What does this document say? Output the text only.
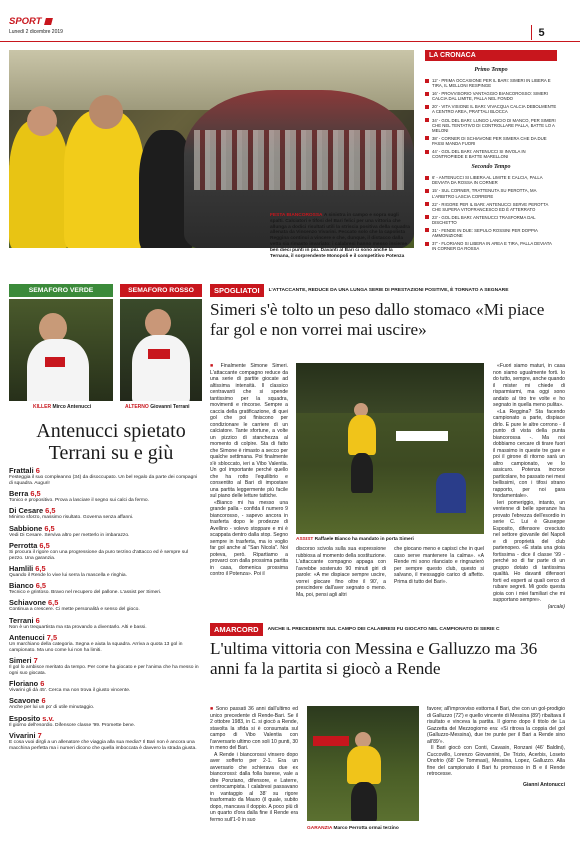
SPORT
Lunedì 2 dicembre 2019	5
FESTA BIANCOROSSA A sinistra in campo e sopra sugli spalti. Calciatori e tifosi del Bari felici per una vittoria che allunga a dodici risultati utili la striscia positiva della squadra allenata da Vincenzo Vivarini. Peccato solo che la capolista Reggina continui a vincere e che, dunque, il distacco dalla vetta sia rimasto invariato: i calabresi hanno messo insieme ben dieci punti in più. Davanti al Bari ci sono anche la Ternana, il sorprendente Monopoli e il competitivo Potenza
LA CRONACA
Primo Tempo
12' - PRIMA OCCASIONE PER IL BARI: SIMERI IN LIBERA E TIRA, IL MELLONI RESPINGE
16' - PROVVISORIO VANTAGGIO BIANCOROSSO: SIMERI CALCIA DAL LIMITE, PALLA NEL FONDO
20' - VITA VISIONE IL BARI: VIVACQUA CALCIA DEBOLMENTE A CENTRO AREA, PRATTALI BLOCCA
34' - GOL DEL BARI: LUNGO LANCIO DI MANCO, PER SIMERI CHE NEL TENTATIVO DI CONTROLLARE PALLA, BATTE LO A MELONI
38' - CORNER DI SCHIAVONE PER SIMERA CHE DA DUE PASSI MANDA FUORI
44' - GOL DEL BARI: ANTENUCCI SI INVOLA IN CONTROPIEDE E BATTE MARELLONI
Secondo Tempo
6' - ANTENUCCI SI LIBERA AL LIMITE E CALCIA, PALLA DEVIATA DA ROSSA IN CORNER
15' - SUL CORNER, TRATTENUTA SU PEROTTA, MA L'ARBITRO LASCIA CORRERE
22' - RIGORE PER IL BARI: ANTENUCCI SERVE PEROTTA CHE SUPERA VITOFRANCESCO ED È ATTERRATO
23' - GOL DEL BARI: ANTENUCCI TRASFORMA DAL DISCHETTO
31' - FENDE IN DUE: SEPULO ROSSINI PER DOPPIA AMMONIZIONE
37' - FLORIANO SI LIBERA IN AREA E TIRA, PALLA DEVIATA IN CORNER DA ROSSA
SEMAFORO VERDE	SEMAFORO ROSSO
KILLER Mirco Antenucci	ALTERNO Giovanni Terrani
Antenucci spietato Terrani su e giù
Frattali 6
Festeggia il suo compleanno (34) da disoccupato. Un bel regalo da parte dei compagni di squadra. Auguri!
Berra 6,5
Tonico e propositivo. Prova a lasciare il segno sui calci da fermo.
Di Cesare 6,5
Minimo sforzo, massimo risultato. Governa senza affanni.
Sabbione 6,5
Vedi Di Cesare. Serviva altro per metterlo in imbarazzo.
Perrotta 6,5
Si procura il rigore con una progressione da puro terzino d'attacco ed è sempre sul pezzo. Una garanzia.
Hamlili 6,5
Quando il Rende lo vive lui serra la mascella e ringhia.
Bianco 6,5
Tecnico e grintoso. Bravo nel recupero del pallone. L'assist per Simeri.
Schiavone 6,5
Continua a crescere. Ci mette personalità e senso del gioco.
Terrani 6
Non è un trequartista ma sta provando a diventarlo. Alti e bassi.
Antenucci 7,5
Un marchiano della categoria. Segna e aiuta la squadra. Arriva a quota 13 gol in campionato. Ma uno come lui non ha limiti.
Simeri 7
Il gol lo ambisce meritato da tempo. Per come ha giocato e per l'anima che ha messo in ogni suo giocata.
Floriano 6
Vivarini gli dà 45'. Cerca ma non trova il giusto vincente.
Scavone 6
Anche per lui un po' di utile minutaggio.
Esposito s.v.
Il giorno dell'esordio. Difensore classe '99. Promette bene.
Vivarini 7
E cosa vuoi dirgli a un allenatore che viaggia alla sua media? Il Bari non è ancora una macchina perfetta ma i numeri dicono che quella imboccata è davvero la strada giusta.
SPOGLIATOI	L'ATTACCANTE, REDUCE DA UNA LUNGA SERIE DI PRESTAZIONI POSITIVE, È TORNATO A SEGNARE
Simeri s'è tolto un peso dallo stomaco «Mi piace far gol e non vorrei mai uscire»

■ Finalmente Simone Simeri. L'attaccante compagno reduce da una serie di partite giocate ad altissima intensità. Il classico centravanti che si spende tantissimo per la squadra, movimenti e rincorse. Sempre a caccia della gratificazione, di quei gol che poi finiscono per condizionare le carriere di un calciatore. Tante sfortune, a volte un pizzico di stanchezza al momento di colpire. Sta di fatto che Simone è rimasto a secco per qualche settimana. Poi finalmente s'è sbloccato, ieri a Vibo Valentia. Un gol importante perché quello che ha rotto l'equilibrio e consentito al Bari di impostare una partita leggermente più facile sul piano delle letture tattiche.

«Bianco mi ha messo una grande palla - confida il numero 9 biancorosso, - sapevo ancora in trasferta dopo le prodezze di Avellino - volevo stoppare e mi è scappata dentro dalla stop. Segno sempre in trasferta, ma io voglio far gol anche al "San Nicola". Noi poteva, però. Ripartiamo a provarci con dalla prossima partita in casa, domenica prossima contro il Potenza». Poi il

ASSIST Raffaele Bianco ha mandato in porta Simeri
discorso scivola sulla sua espressione rubbiosa al momento della sostituzione. L'attaccante compagno appaga con l'avrebbe sostenuto 90 minuti giri di parole: «A me dispiace sempre uscire, vorrei giocare fino oltre il 90', a prescindere dall'aver segnato o meno. Ma, poi, pensi agli altri
che giocano meno e capisci che in quel caso serve mantenere la calma». «A Rende mi sono rilanciato e ringrazierò per sempre questo club, questo si salvano, il messaggio carico di affetto. Prima di tutto del Bari».

«Fuori siamo maturi, in casa non siamo ugualmente forti. Io do tutto, sempre, anche quando il mister mi chiede di risparmiarmi, ma oggi sono andato al tiro tre volte e ho segnato in quella meno pulita».

«La Reggina? Sta facendo campionato a parte, dispiace dirlo. E pure le altre corrono - il punto di vista della punta biancorossa -. Ma noi dobbiamo cercare di tirare fuori il massimo in queste tre gare e poi il girone di ritorno sarà un altro campionato, ve lo assicuro. Potenza incroce particolare, ho passato nei mesi bellissimi, con i tifosi strano rapporto, per noi gara fondamentale».

Ieri pomeriggio, intanto, un ventenne di belle speranze ha provato l'ebrezza dell'esordio in serie C. Lui è Giuseppe Esposito, difensore cresciuto nel settore giovanile del Napoli e di proprietà del club partenopeo. «È stata una gioia fortissima - dice il classe '99 - perché so di far parte di un gruppo dotato di tantissima qualità. Ho davanti difensori forti ed esperti ai quali cerco di rubare segreti. Mi godo questa gioia con i miei familiari che mi supportano sempre».

(arcale)

AMARCORD	ANCHE IL PRECEDENTE SUL CAMPO DEI CALABRESI FU GIOCATO NEL CAMPIONATO DI SERIE C
L'ultima vittoria con Messina e Galluzzo ma 36 anni fa la partita si giocò a Rende

■ Sono passati 36 anni dall'ultimo ed unico precedente di Rende-Bari. Se il 2 ottobre 1983, in C. si giocò a Rende, stavolta la sfida si è consumata sul campo di Vibo Valentia con l'avversario ultimo con soli 10 punti, 30 in meno del Bari.

A Rende i biancorossi vinsero dopo aver sofferto per 2-1. Era un avversario che schierava due ex biancorossi: dalla folla barese, vale a dire Ponziano, difensore, e Laterre, centrocampista. I calabresi passavano in vantaggio al 38' su rigore trasformato da Mauro (il quale, subito dopo, mancava il doppio. A poco più di un quarto d'ora dalla fine il Rende era fermo sull'1-0 in suo

GARANZIA Marco Perrotta ormai terzino

favore; all'improvviso esttorna il Bari, che con un gol-prodigio di Galluzzo (72') e quello vincente di Messina (89') ribaltava il risultato e vinceva la partita. Il giorno dopo il titolo de La Gazzetta del Mezzogiorno era: «Si ritrova la coppia del gol (Galluzzo-Messina), due tre punte per il Bari a Rende sino all'89'».

Il Bari giocò con Conti, Cavasin, Ronzani (46' Baldini), Cuccovillo, Lorenzo Giovannini, De Trizio, Acerbis, Loseto Onofrio (68' De Tommasi), Messina, Lopez, Galluzzo. Alla fine del campionato il Bari fu promosso in B e il Rende retrocesse.

Gianni Antonucci
